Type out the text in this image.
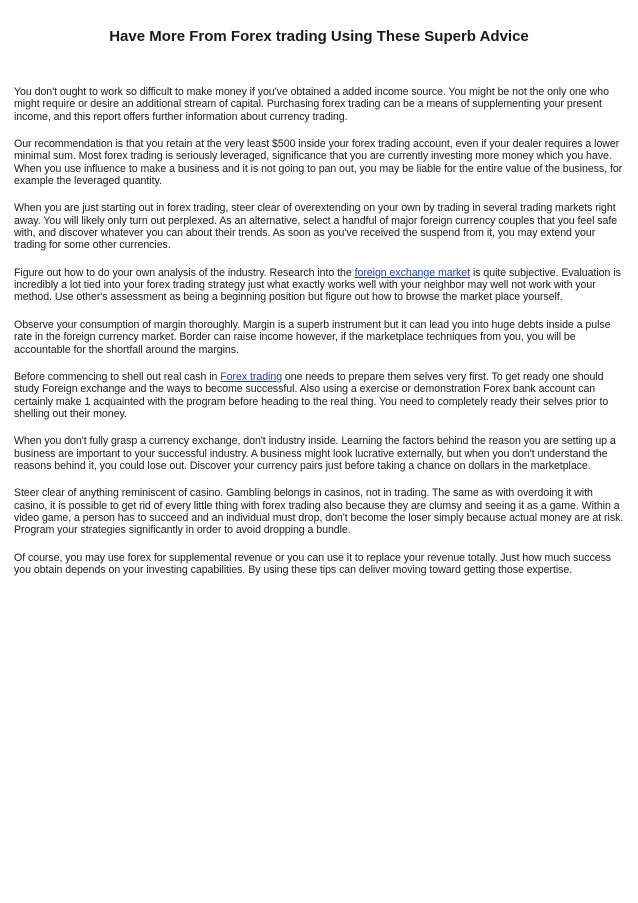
Have More From Forex trading Using These Superb Advice

You don't ought to work so difficult to make money if you've obtained a added income source. You might be not the only one who might require or desire an additional stream of capital. Purchasing forex trading can be a means of supplementing your present income, and this report offers further information about currency trading.

Our recommendation is that you retain at the very least $500 inside your forex trading account, even if your dealer requires a lower minimal sum. Most forex trading is seriously leveraged, significance that you are currently investing more money which you have. When you use influence to make a business and it is not going to pan out, you may be liable for the entire value of the business, for example the leveraged quantity.

When you are just starting out in forex trading, steer clear of overextending on your own by trading in several trading markets right away. You will likely only turn out perplexed. As an alternative, select a handful of major foreign currency couples that you feel safe with, and discover whatever you can about their trends. As soon as you've received the suspend from it, you may extend your trading for some other currencies.

Figure out how to do your own analysis of the industry. Research into the foreign exchange market is quite subjective. Evaluation is incredibly a lot tied into your forex trading strategy just what exactly works well with your neighbor may well not work with your method. Use other's assessment as being a beginning position but figure out how to browse the market place yourself.

Observe your consumption of margin thoroughly. Margin is a superb instrument but it can lead you into huge debts inside a pulse rate in the foreign currency market. Border can raise income however, if the marketplace techniques from you, you will be accountable for the shortfall around the margins.

Before commencing to shell out real cash in Forex trading one needs to prepare them selves very first. To get ready one should study Foreign exchange and the ways to become successful. Also using a exercise or demonstration Forex bank account can certainly make 1 acquainted with the program before heading to the real thing. You need to completely ready their selves prior to shelling out their money.

When you don't fully grasp a currency exchange, don't industry inside. Learning the factors behind the reason you are setting up a business are important to your successful industry. A business might look lucrative externally, but when you don't understand the reasons behind it, you could lose out. Discover your currency pairs just before taking a chance on dollars in the marketplace.

Steer clear of anything reminiscent of casino. Gambling belongs in casinos, not in trading. The same as with overdoing it with casino, it is possible to get rid of every little thing with forex trading also because they are clumsy and seeing it as a game. Within a video game, a person has to succeed and an individual must drop, don't become the loser simply because actual money are at risk. Program your strategies significantly in order to avoid dropping a bundle.

Of course, you may use forex for supplemental revenue or you can use it to replace your revenue totally. Just how much success you obtain depends on your investing capabilities. By using these tips can deliver moving toward getting those expertise.
